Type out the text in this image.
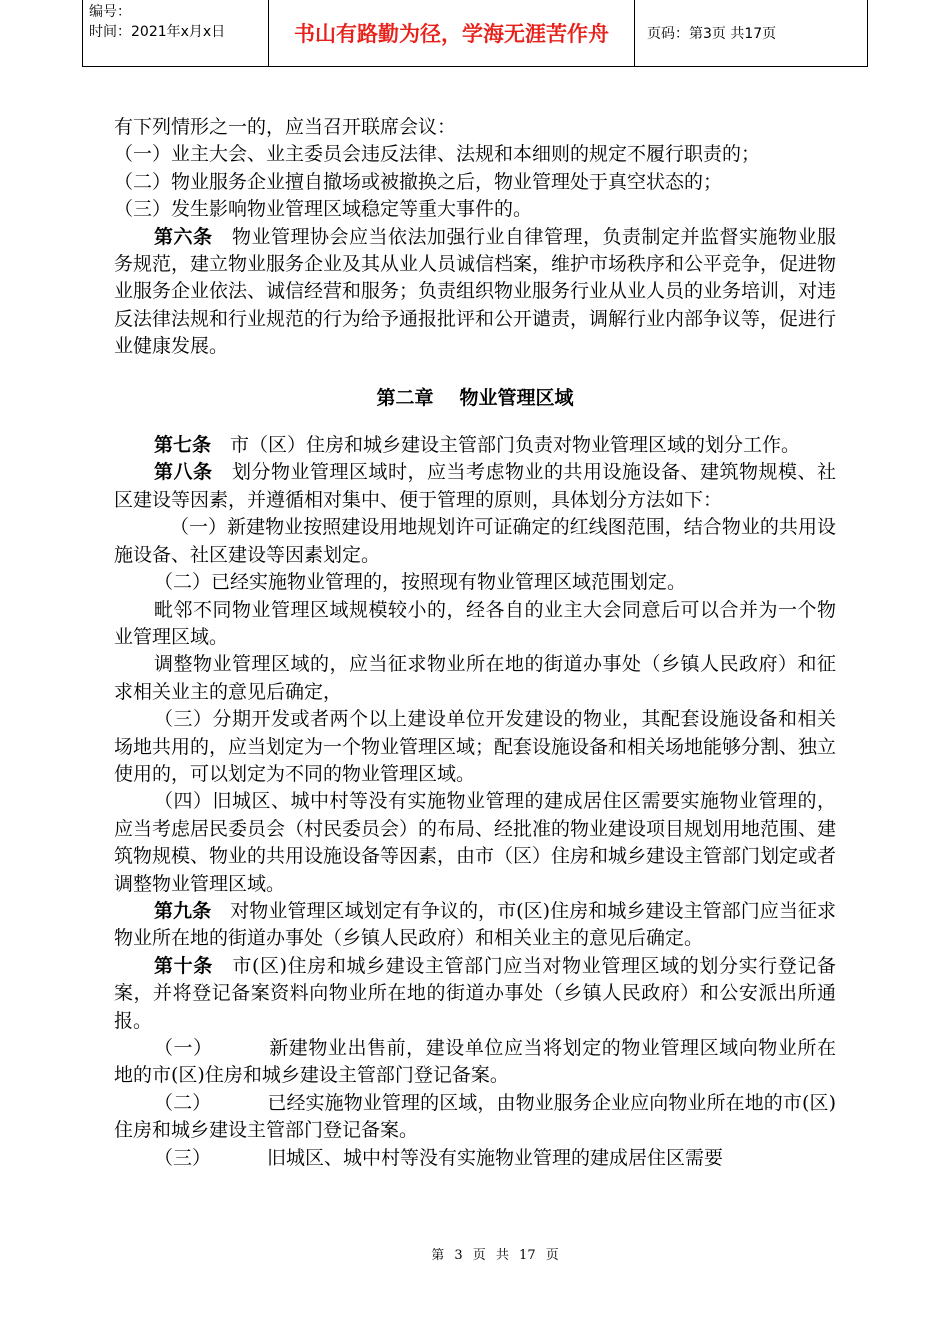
编号：
时间：2021年x月x日	书山有路勤为径，学海无涯苦作舟	页码：第3页 共17页

有下列情形之一的，应当召开联席会议：

（一）业主大会、业主委员会违反法律、法规和本细则的规定不履行职责的；

（二）物业服务企业擅自撤场或被撤换之后，物业管理处于真空状态的；

（三）发生影响物业管理区域稳定等重大事件的。

第六条  物业管理协会应当依法加强行业自律管理，负责制定并监督实施物业服务规范，建立物业服务企业及其从业人员诚信档案，维护市场秩序和公平竞争，促进物业服务企业依法、诚信经营和服务；负责组织物业服务行业从业人员的业务培训，对违反法律法规和行业规范的行为给予通报批评和公开谴责，调解行业内部争议等，促进行业健康发展。

第二章 物业管理区域

第七条  市（区）住房和城乡建设主管部门负责对物业管理区域的划分工作。

第八条  划分物业管理区域时，应当考虑物业的共用设施设备、建筑物规模、社区建设等因素，并遵循相对集中、便于管理的原则，具体划分方法如下：

（一）新建物业按照建设用地规划许可证确定的红线图范围，结合物业的共用设施设备、社区建设等因素划定。

（二）已经实施物业管理的，按照现有物业管理区域范围划定。

毗邻不同物业管理区域规模较小的，经各自的业主大会同意后可以合并为一个物业管理区域。

调整物业管理区域的，应当征求物业所在地的街道办事处（乡镇人民政府）和征求相关业主的意见后确定，

（三）分期开发或者两个以上建设单位开发建设的物业，其配套设施设备和相关场地共用的，应当划定为一个物业管理区域；配套设施设备和相关场地能够分割、独立使用的，可以划定为不同的物业管理区域。

（四）旧城区、城中村等没有实施物业管理的建成居住区需要实施物业管理的，应当考虑居民委员会（村民委员会）的布局、经批准的物业建设项目规划用地范围、建筑物规模、物业的共用设施设备等因素，由市（区）住房和城乡建设主管部门划定或者调整物业管理区域。

第九条  对物业管理区域划定有争议的，市(区)住房和城乡建设主管部门应当征求物业所在地的街道办事处（乡镇人民政府）和相关业主的意见后确定。

第十条  市(区)住房和城乡建设主管部门应当对物业管理区域的划分实行登记备案，并将登记备案资料向物业所在地的街道办事处（乡镇人民政府）和公安派出所通报。

（一）	新建物业出售前，建设单位应当将划定的物业管理区域向物业所在地的市(区)住房和城乡建设主管部门登记备案。

（二）	已经实施物业管理的区域，由物业服务企业应向物业所在地的市(区)住房和城乡建设主管部门登记备案。

（三）	旧城区、城中村等没有实施物业管理的建成居住区需要

第 3 页 共 17 页
